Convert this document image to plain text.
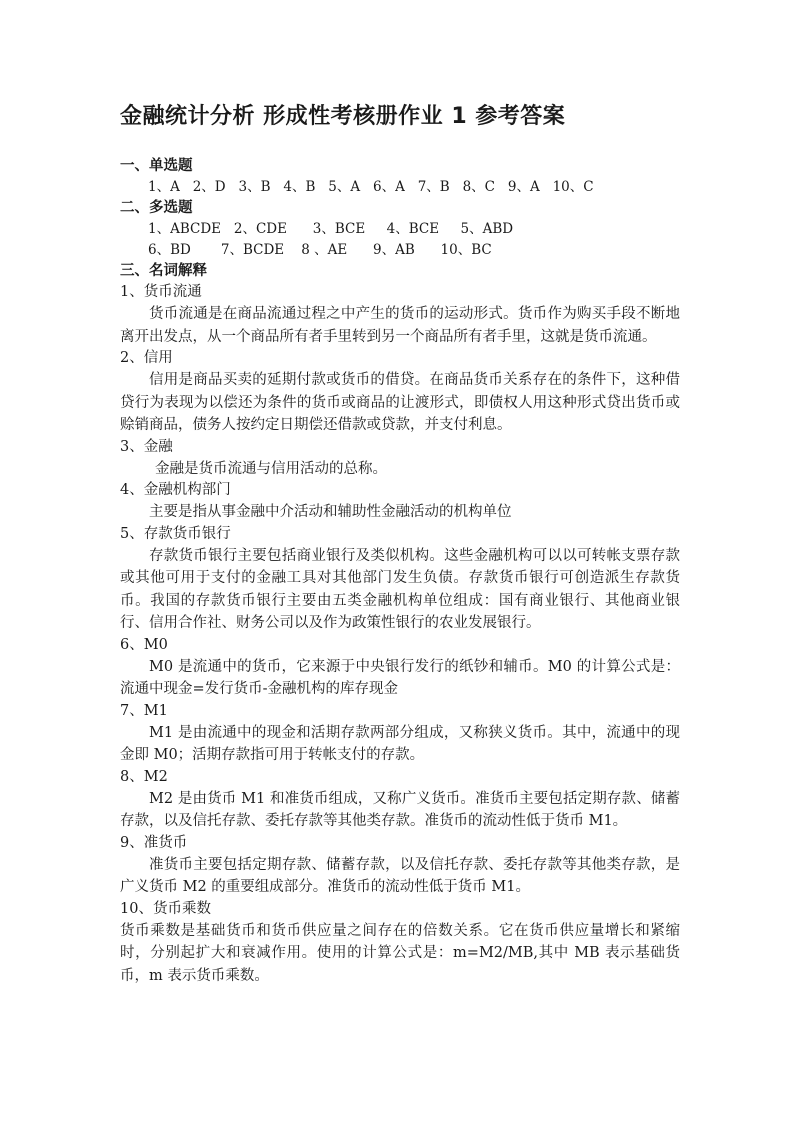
金融统计分析 形成性考核册作业 1 参考答案

一、单选题

1、A   2、D   3、B   4、B   5、A   6、A   7、B   8、C   9、A   10、C

二、多选题

1、ABCDE   2、CDE      3、BCE     4、BCE     5、ABD

6、BD       7、BCDE    8 、AE      9、AB      10、BC

三、名词解释

1、货币流通

货币流通是在商品流通过程之中产生的货币的运动形式。货币作为购买手段不断地离开出发点，从一个商品所有者手里转到另一个商品所有者手里，这就是货币流通。

2、信用

信用是商品买卖的延期付款或货币的借贷。在商品货币关系存在的条件下，这种借贷行为表现为以偿还为条件的货币或商品的让渡形式，即债权人用这种形式贷出货币或赊销商品，债务人按约定日期偿还借款或贷款，并支付利息。

3、金融

金融是货币流通与信用活动的总称。

4、金融机构部门

主要是指从事金融中介活动和辅助性金融活动的机构单位

5、存款货币银行

存款货币银行主要包括商业银行及类似机构。这些金融机构可以以可转帐支票存款或其他可用于支付的金融工具对其他部门发生负债。存款货币银行可创造派生存款货币。我国的存款货币银行主要由五类金融机构单位组成：国有商业银行、其他商业银行、信用合作社、财务公司以及作为政策性银行的农业发展银行。

6、M0

M0 是流通中的货币，它来源于中央银行发行的纸钞和辅币。M0 的计算公式是：流通中现金=发行货币-金融机构的库存现金

7、M1

M1 是由流通中的现金和活期存款两部分组成，又称狭义货币。其中，流通中的现金即 M0；活期存款指可用于转帐支付的存款。

8、M2

M2 是由货币 M1 和准货币组成，又称广义货币。准货币主要包括定期存款、储蓄存款，以及信托存款、委托存款等其他类存款。准货币的流动性低于货币 M1。

9、准货币

准货币主要包括定期存款、储蓄存款，以及信托存款、委托存款等其他类存款，是广义货币 M2 的重要组成部分。准货币的流动性低于货币 M1。

10、货币乘数

货币乘数是基础货币和货币供应量之间存在的倍数关系。它在货币供应量增长和紧缩时，分别起扩大和衰减作用。使用的计算公式是：m=M2/MB,其中 MB 表示基础货币，m 表示货币乘数。
